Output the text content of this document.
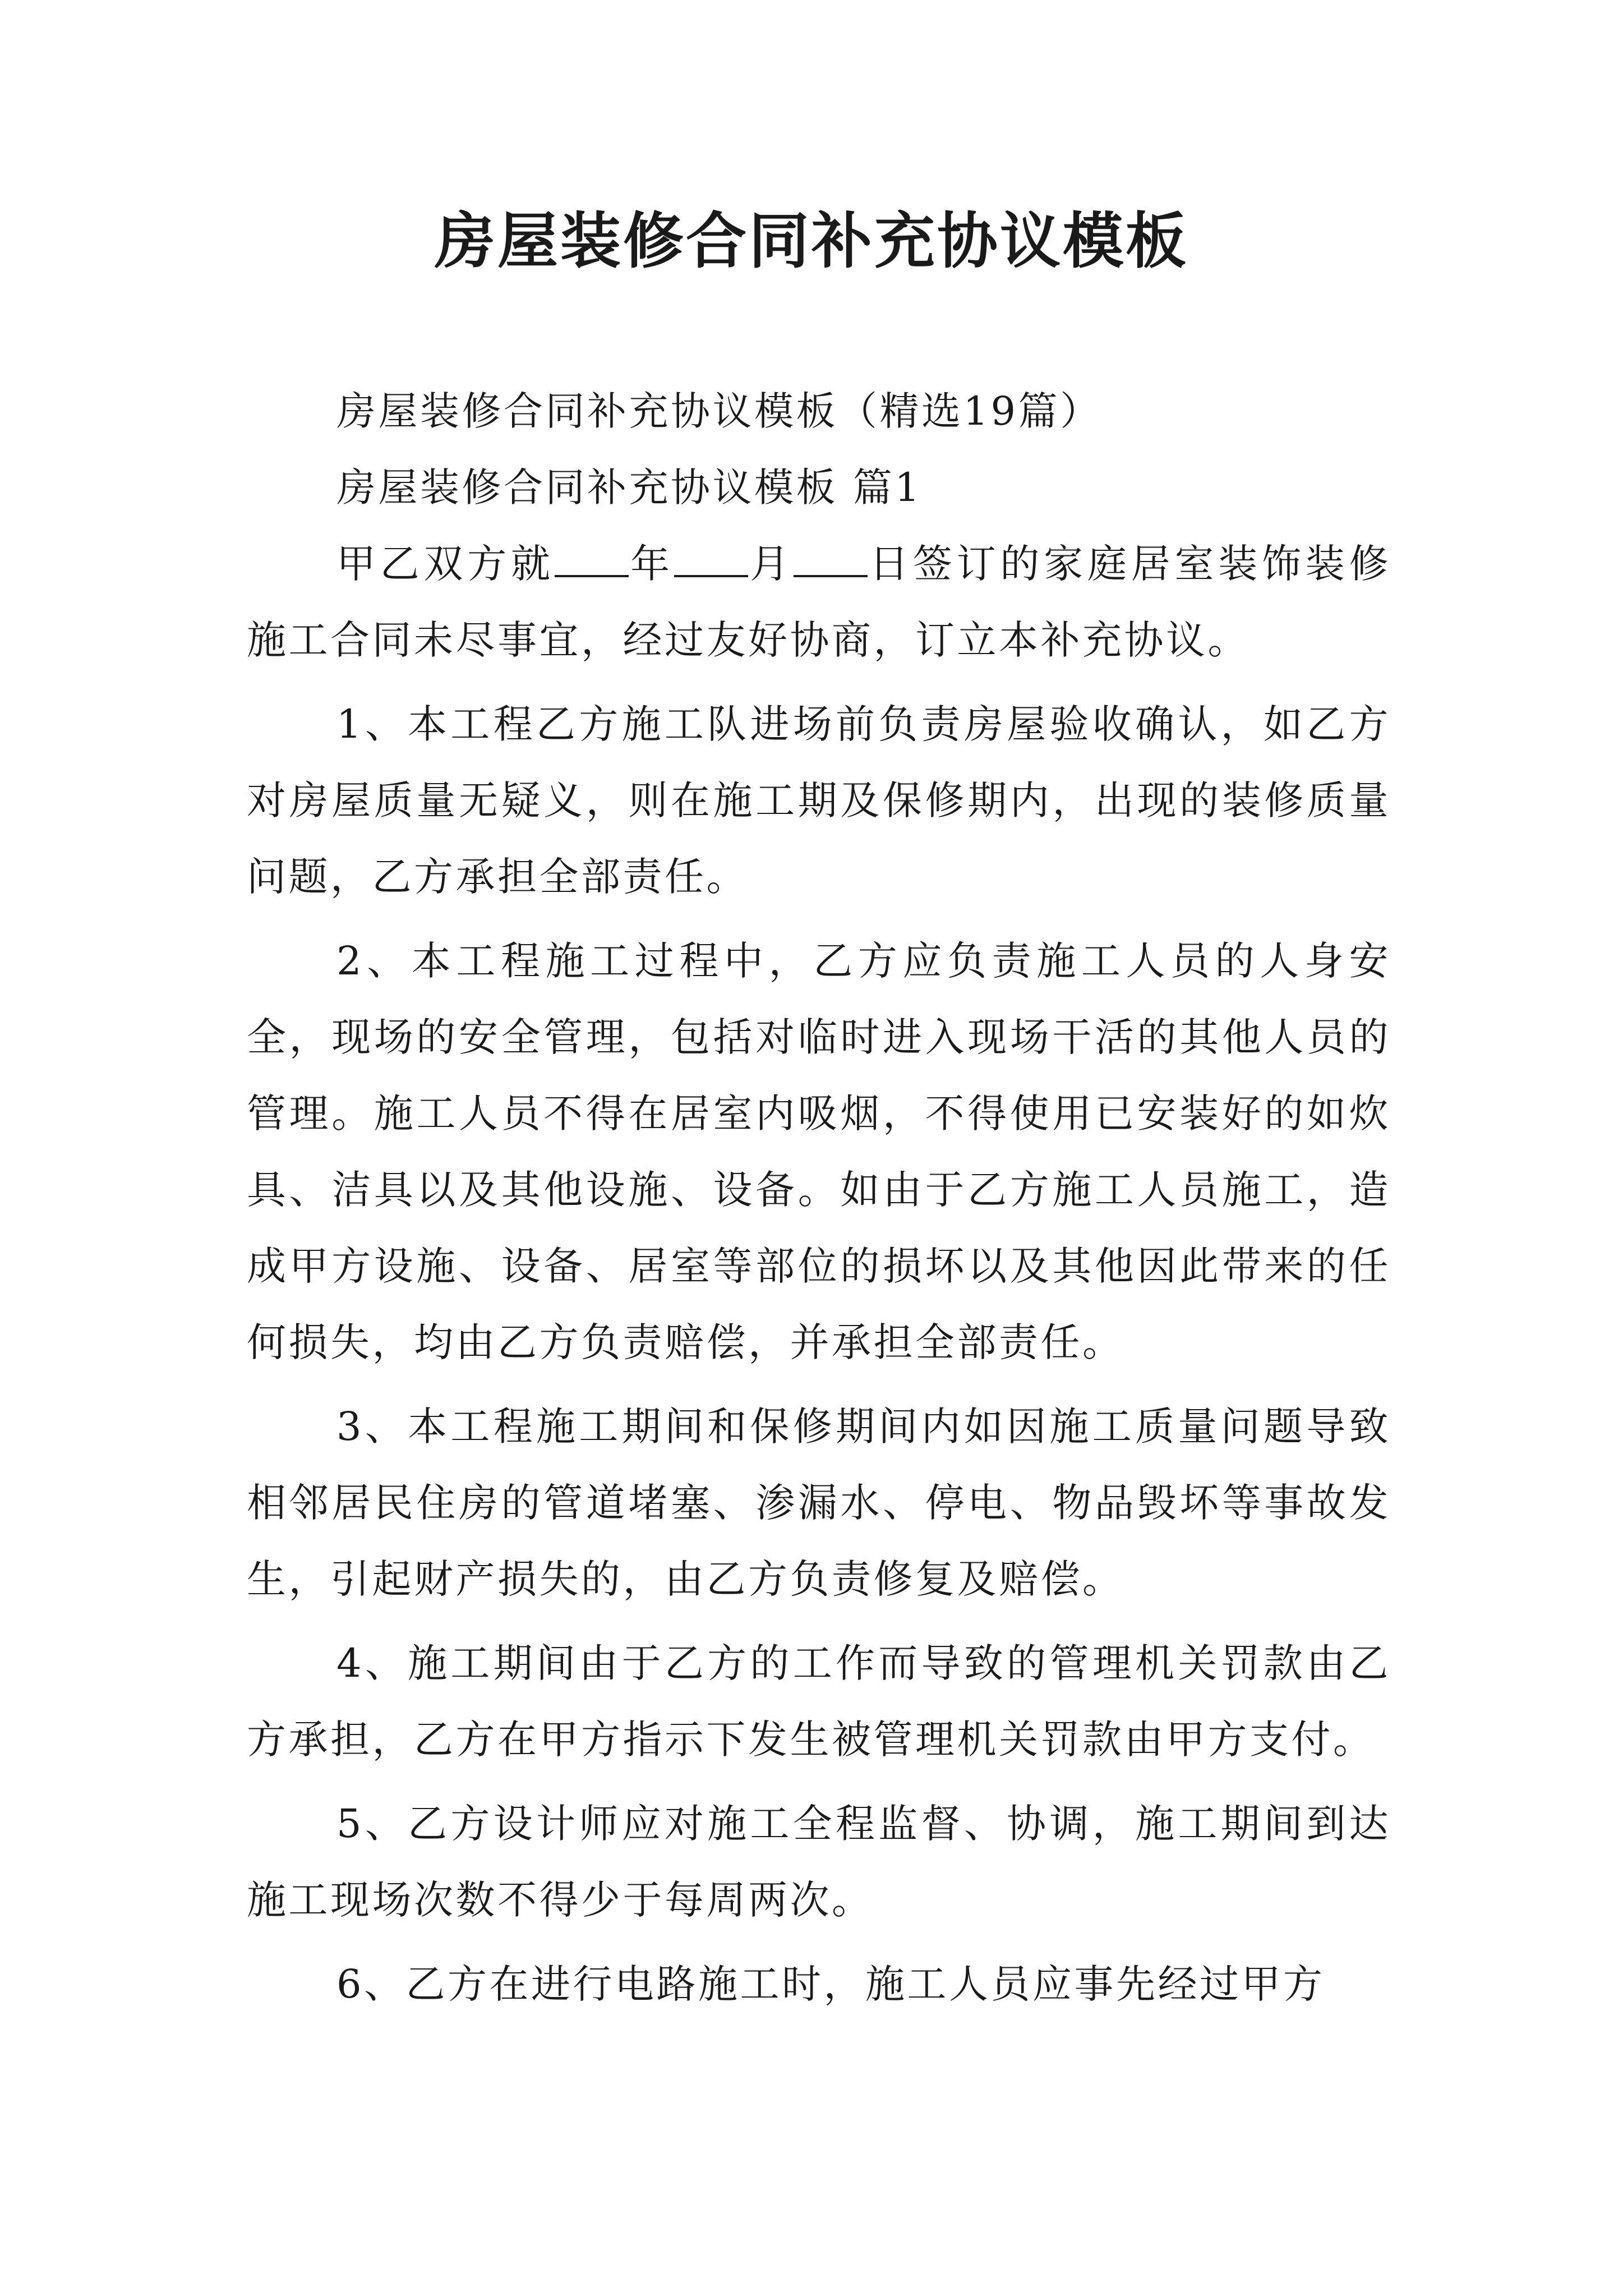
房屋装修合同补充协议模板

房屋装修合同补充协议模板（精选19篇）

房屋装修合同补充协议模板 篇1

甲乙双方就 年 月 日签订的家庭居室装饰装修施工合同未尽事宜，经过友好协商，订立本补充协议。

1、本工程乙方施工队进场前负责房屋验收确认，如乙方对房屋质量无疑义，则在施工期及保修期内，出现的装修质量问题，乙方承担全部责任。

2、本工程施工过程中，乙方应负责施工人员的人身安全，现场的安全管理，包括对临时进入现场干活的其他人员的管理。施工人员不得在居室内吸烟，不得使用已安装好的如炊具、洁具以及其他设施、设备。如由于乙方施工人员施工，造成甲方设施、设备、居室等部位的损坏以及其他因此带来的任何损失，均由乙方负责赔偿，并承担全部责任。

3、本工程施工期间和保修期间内如因施工质量问题导致相邻居民住房的管道堵塞、渗漏水、停电、物品毁坏等事故发生，引起财产损失的，由乙方负责修复及赔偿。

4、施工期间由于乙方的工作而导致的管理机关罚款由乙方承担，乙方在甲方指示下发生被管理机关罚款由甲方支付。

5、乙方设计师应对施工全程监督、协调，施工期间到达施工现场次数不得少于每周两次。

6、乙方在进行电路施工时，施工人员应事先经过甲方
